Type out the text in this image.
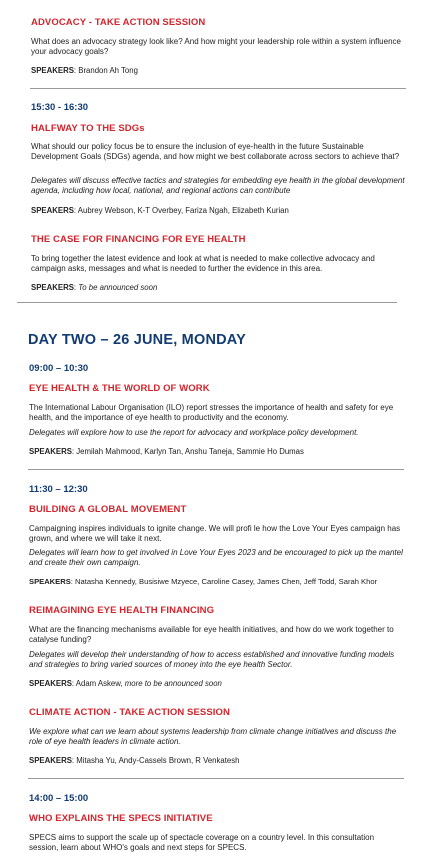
ADVOCACY - TAKE ACTION SESSION

What does an advocacy strategy look like? And how might your leadership role within a system influence your advocacy goals?

SPEAKERS: Brandon Ah Tong

15:30 - 16:30

HALFWAY TO THE SDGs

What should our policy focus be to ensure the inclusion of eye-health in the future Sustainable Development Goals (SDGs) agenda, and how might we best collaborate across sectors to achieve that?

Delegates will discuss effective tactics and strategies for embedding eye health in the global development agenda, including how local, national, and regional actions can contribute

SPEAKERS: Aubrey Webson, K-T Overbey, Fariza Ngah, Elizabeth Kurian

THE CASE FOR FINANCING FOR EYE HEALTH

To bring together the latest evidence and look at what is needed to make collective advocacy and campaign asks, messages and what is needed to further the evidence in this area.

SPEAKERS: To be announced soon

DAY TWO – 26 JUNE, MONDAY

09:00 – 10:30

EYE HEALTH & THE WORLD OF WORK

The International Labour Organisation (ILO) report stresses the importance of health and safety for eye health, and the importance of eye health to productivity and the economy.

Delegates will explore how to use the report for advocacy and workplace policy development.

SPEAKERS: Jemilah Mahmood, Karlyn Tan, Anshu Taneja, Sammie Ho Dumas

11:30 – 12:30

BUILDING A GLOBAL MOVEMENT

Campaigning inspires individuals to ignite change. We will profi le how the Love Your Eyes campaign has grown, and where we will take it next.

Delegates will learn how to get involved in Love Your Eyes 2023 and be encouraged to pick up the mantel and create their own campaign.

SPEAKERS: Natasha Kennedy, Busisiwe Mzyece, Caroline Casey, James Chen, Jeff Todd, Sarah Khor

REIMAGINING EYE HEALTH FINANCING

What are the financing mechanisms available for eye health initiatives, and how do we work together to catalyse funding?

Delegates will develop their understanding of how to access established and innovative funding models and strategies to bring varied sources of money into the eye health Sector.

SPEAKERS: Adam Askew, more to be announced soon

CLIMATE ACTION - TAKE ACTION SESSION

We explore what can we learn about systems leadership from climate change initiatives and discuss the role of eye health leaders in climate action.

SPEAKERS: Mitasha Yu, Andy-Cassels Brown, R Venkatesh

14:00 – 15:00

WHO EXPLAINS THE SPECS INITIATIVE

SPECS aims to support the scale up of spectacle coverage on a country level. In this consultation session, learn about WHO's goals and next steps for SPECS.
